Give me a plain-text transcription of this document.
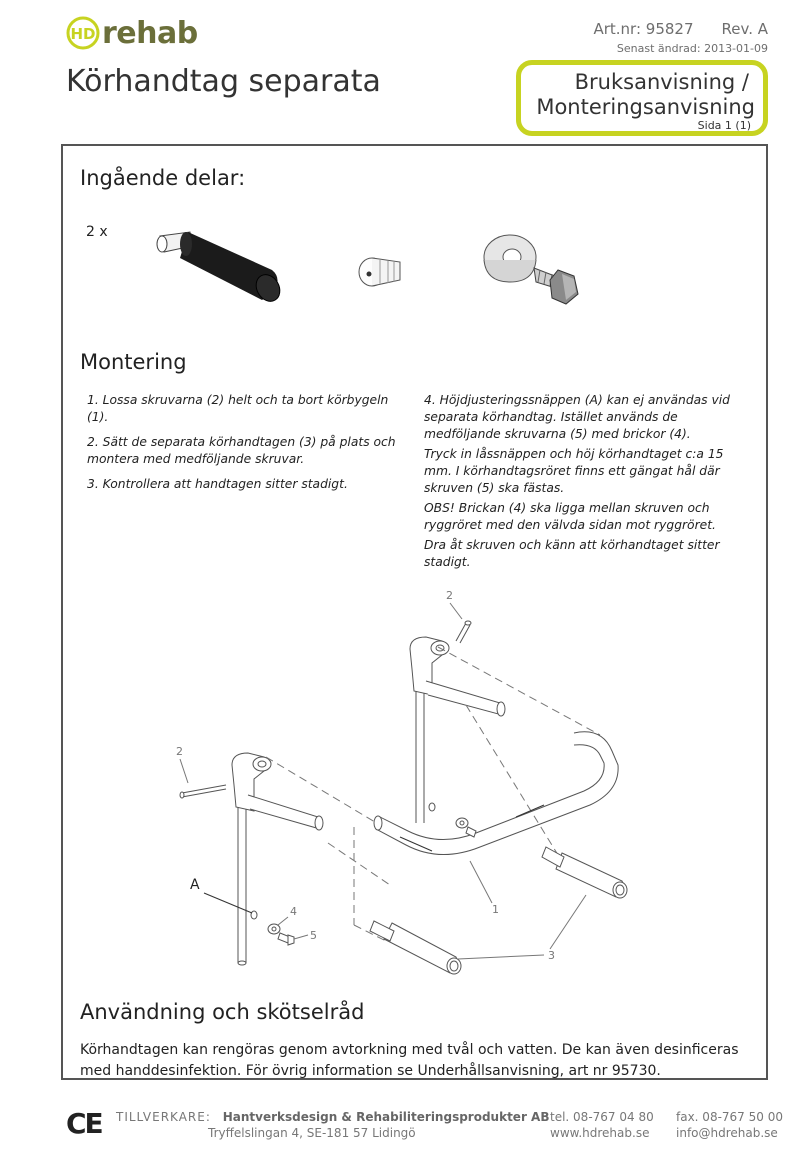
HD rehab	Art.nr: 95827 Rev. A
Senast ändrad: 2013-01-09
Körhandtag separata	Bruksanvisning /
Monteringsanvisning
Sida 1 (1)
Ingående delar:
2 x
Montering

1. Lossa skruvarna (2) helt och ta bort körbygeln (1).

2. Sätt de separata körhandtagen (3) på plats och montera med medföljande skruvar.

3. Kontrollera att handtagen sitter stadigt.

4. Höjdjusteringssnäppen (A) kan ej användas vid separata körhandtag. Istället används de medföljande skruvarna (5) med brickor (4).

Tryck in låssnäppen och höj körhandtaget c:a 15 mm. I körhandtagsröret finns ett gängat hål där skruven (5) ska fästas.

OBS! Brickan (4) ska ligga mellan skruven och ryggröret med den välvda sidan mot ryggröret.

Dra åt skruven och känn att körhandtaget sitter stadigt.

2
2
1
3
4
5
A
Användning och skötselråd
Körhandtagen kan rengöras genom avtorkning med tvål och vatten. De kan även desinficeras med handdesinfektion. För övrig information se Underhållsanvisning, art nr 95730.
CE TILLVERKARE: Hantverksdesign & Rehabiliteringsprodukter AB
Tryffelslingan 4, SE-181 57 Lidingö
tel. 08-767 04 80
www.hdrehab.se
fax. 08-767 50 00
info@hdrehab.se
